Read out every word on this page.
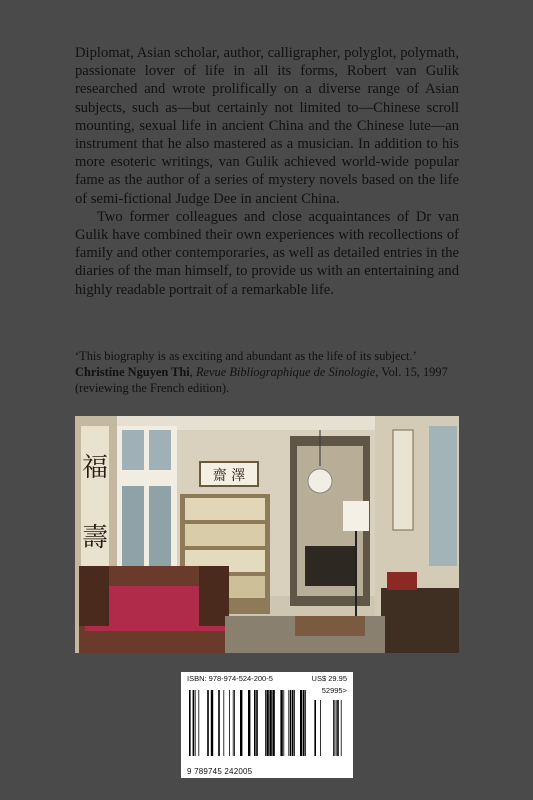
Diplomat, Asian scholar, author, calligrapher, polyglot, polymath, passionate lover of life in all its forms, Robert van Gulik researched and wrote prolifically on a diverse range of Asian subjects, such as—but certainly not limited to—Chinese scroll mounting, sexual life in ancient China and the Chinese lute—an instrument that he also mastered as a musician. In addition to his more esoteric writings, van Gulik achieved world-wide popular fame as the author of a series of mystery novels based on the life of semi-fictional Judge Dee in ancient China.

Two former colleagues and close acquaintances of Dr van Gulik have combined their own experiences with recollections of family and other contemporaries, as well as detailed entries in the diaries of the man himself, to provide us with an entertaining and highly readable portrait of a remarkable life.

‘This biography is as exciting and abundant as the life of its subject.’
Christine Nguyen Thi, Revue Bibliographique de Sinologie, Vol. 15, 1997
(reviewing the French edition).
福
壽
齋 澤
ISBN: 978-974-524-200-5	US$ 29.95
52995>
9 789745 242005
